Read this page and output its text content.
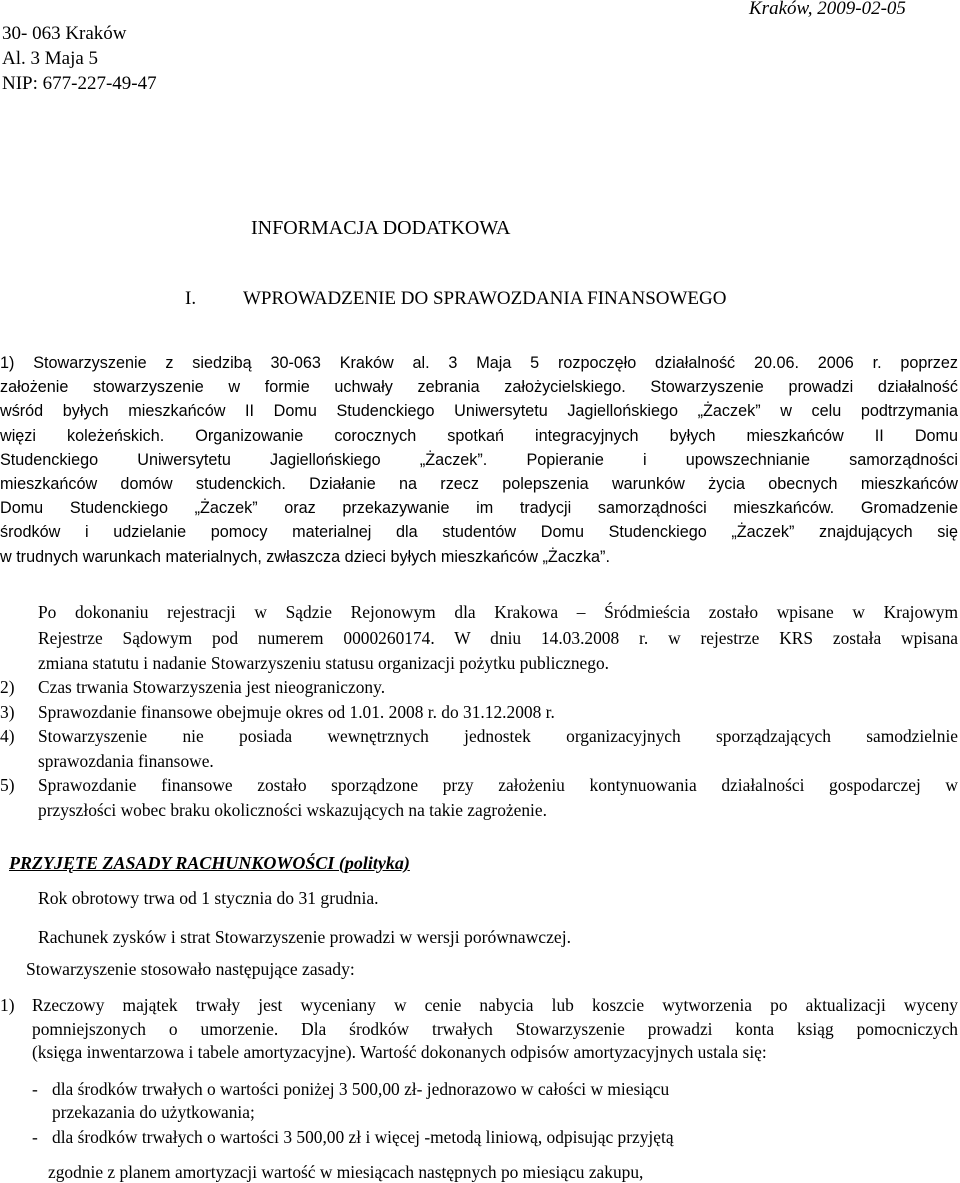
30- 063 Kraków
Al. 3 Maja 5
NIP: 677-227-49-47
Kraków, 2009-02-05
INFORMACJA DODATKOWA
I. WPROWADZENIE DO SPRAWOZDANIA FINANSOWEGO
1) Stowarzyszenie z siedzibą 30-063 Kraków al. 3 Maja 5 rozpoczęło działalność 20.06. 2006 r. poprzez
założenie stowarzyszenie w formie uchwały zebrania założycielskiego. Stowarzyszenie prowadzi działalność
wśród byłych mieszkańców II Domu Studenckiego Uniwersytetu Jagiellońskiego „Żaczek” w celu podtrzymania
więzi koleżeńskich. Organizowanie corocznych spotkań integracyjnych byłych mieszkańców II Domu
Studenckiego Uniwersytetu Jagiellońskiego „Żaczek”. Popieranie i upowszechnianie samorządności
mieszkańców domów studenckich. Działanie na rzecz polepszenia warunków życia obecnych mieszkańców
Domu Studenckiego „Żaczek” oraz przekazywanie im tradycji samorządności mieszkańców. Gromadzenie
środków i udzielanie pomocy materialnej dla studentów Domu Studenckiego „Żaczek” znajdujących się
w trudnych warunkach materialnych, zwłaszcza dzieci byłych mieszkańców „Żaczka”.
Po dokonaniu rejestracji w Sądzie Rejonowym dla Krakowa – Śródmieścia zostało wpisane w Krajowym
Rejestrze Sądowym pod numerem 0000260174. W dniu 14.03.2008 r. w rejestrze KRS została wpisana
zmiana statutu i nadanie Stowarzyszeniu statusu organizacji pożytku publicznego.
2)	Czas trwania Stowarzyszenia jest nieograniczony.
3)	Sprawozdanie finansowe obejmuje okres od 1.01. 2008 r. do 31.12.2008 r.
4)	Stowarzyszenie nie posiada wewnętrznych jednostek organizacyjnych sporządzających samodzielnie
sprawozdania finansowe.
5)	Sprawozdanie finansowe zostało sporządzone przy założeniu kontynuowania działalności gospodarczej w
przyszłości wobec braku okoliczności wskazujących na takie zagrożenie.
PRZYJĘTE ZASADY RACHUNKOWOŚCI (polityka)
Rok obrotowy trwa od 1 stycznia do 31 grudnia.
Rachunek zysków i strat Stowarzyszenie prowadzi w wersji porównawczej.
Stowarzyszenie stosowało następujące zasady:
1)	Rzeczowy majątek trwały jest wyceniany w cenie nabycia lub koszcie wytworzenia po aktualizacji wyceny
pomniejszonych o umorzenie. Dla środków trwałych Stowarzyszenie prowadzi konta ksiąg pomocniczych
(księga inwentarzowa i tabele amortyzacyjne). Wartość dokonanych odpisów amortyzacyjnych ustala się:
- dla środków trwałych o wartości poniżej 3 500,00 zł- jednorazowo w całości w miesiącu
przekazania do użytkowania;
- dla środków trwałych o wartości 3 500,00 zł i więcej -metodą liniową, odpisując przyjętą
zgodnie z planem amortyzacji wartość w miesiącach następnych po miesiącu zakupu,
